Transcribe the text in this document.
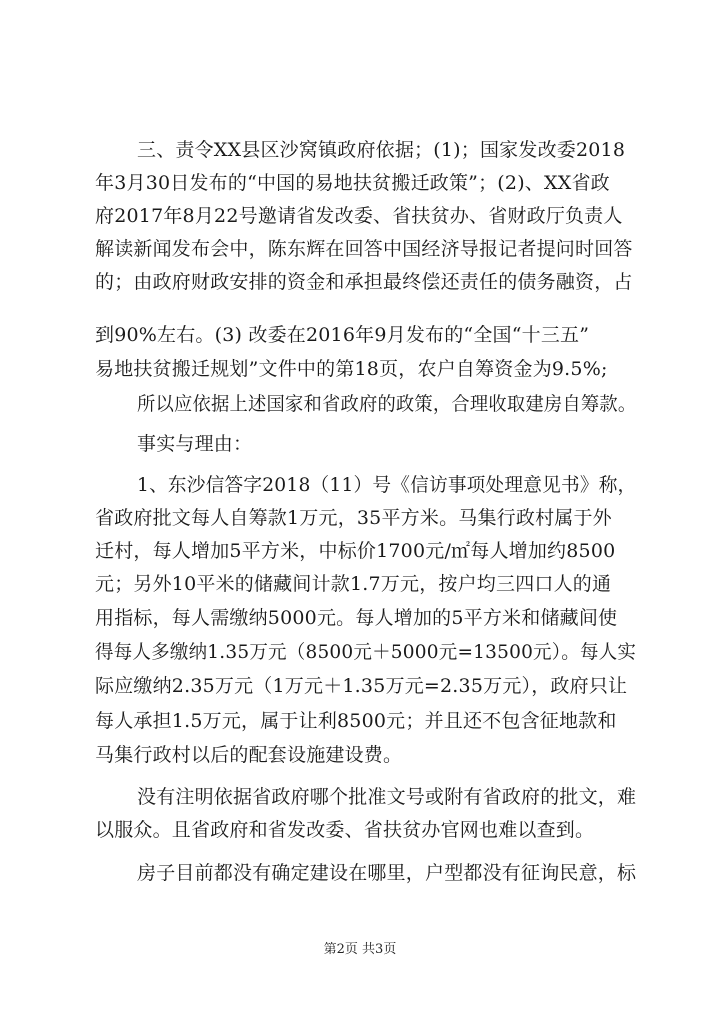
三、责令XX县区沙窝镇政府依据；(1)；国家发改委2018
年3月30日发布的“中国的易地扶贫搬迁政策”；(2)、XX省政
府2017年8月22号邀请省发改委、省扶贫办、省财政厅负责人
解读新闻发布会中，陈东辉在回答中国经济导报记者提问时回答
的；由政府财政安排的资金和承担最终偿还责任的债务融资，占
到90%左右。(3) 改委在2016年9月发布的“全国“十三五”
易地扶贫搬迁规划”文件中的第18页，农户自筹资金为9.5%;
所以应依据上述国家和省政府的政策，合理收取建房自筹款。
事实与理由：
1、东沙信答字2018（11）号《信访事项处理意见书》称，
省政府批文每人自筹款1万元，35平方米。马集行政村属于外
迁村，每人增加5平方米，中标价1700元/㎡每人增加约8500
元；另外10平米的储藏间计款1.7万元，按户均三四口人的通
用指标，每人需缴纳5000元。每人增加的5平方米和储藏间使
得每人多缴纳1.35万元（8500元＋5000元=13500元）。每人实
际应缴纳2.35万元（1万元＋1.35万元=2.35万元），政府只让
每人承担1.5万元，属于让利8500元；并且还不包含征地款和
马集行政村以后的配套设施建设费。
没有注明依据省政府哪个批准文号或附有省政府的批文，难
以服众。且省政府和省发改委、省扶贫办官网也难以查到。
房子目前都没有确定建设在哪里，户型都没有征询民意，标
第2页 共3页
